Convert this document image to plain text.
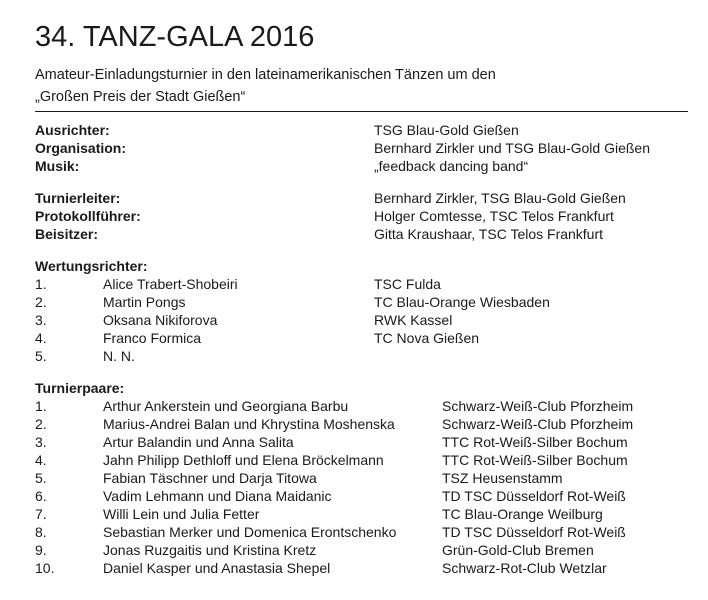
34. TANZ-GALA 2016
Amateur-Einladungsturnier in den lateinamerikanischen Tänzen um den
„Großen Preis der Stadt Gießen“
Ausrichter:	TSG Blau-Gold Gießen
Organisation:	Bernhard Zirkler und TSG Blau-Gold Gießen
Musik:	„feedback dancing band“
Turnierleiter:	Bernhard Zirkler, TSG Blau-Gold Gießen
Protokollführer:	Holger Comtesse, TSC Telos Frankfurt
Beisitzer:	Gitta Kraushaar, TSC Telos Frankfurt
Wertungsrichter:
1.	Alice Trabert-Shobeiri	TSC Fulda
2.	Martin Pongs	TC Blau-Orange Wiesbaden
3.	Oksana Nikiforova	RWK Kassel
4.	Franco Formica	TC Nova Gießen
5.	N. N.
Turnierpaare:
1.	Arthur Ankerstein und Georgiana Barbu	Schwarz-Weiß-Club Pforzheim
2.	Marius-Andrei Balan und Khrystina Moshenska	Schwarz-Weiß-Club Pforzheim
3.	Artur Balandin und Anna Salita	TTC Rot-Weiß-Silber Bochum
4.	Jahn Philipp Dethloff und Elena Bröckelmann	TTC Rot-Weiß-Silber Bochum
5.	Fabian Täschner und Darja Titowa	TSZ Heusenstamm
6.	Vadim Lehmann und Diana Maidanic	TD TSC Düsseldorf Rot-Weiß
7.	Willi Lein und Julia Fetter	TC Blau-Orange Weilburg
8.	Sebastian Merker und Domenica Erontschenko	TD TSC Düsseldorf Rot-Weiß
9.	Jonas Ruzgaitis und Kristina Kretz	Grün-Gold-Club Bremen
10.	Daniel Kasper und Anastasia Shepel	Schwarz-Rot-Club Wetzlar
